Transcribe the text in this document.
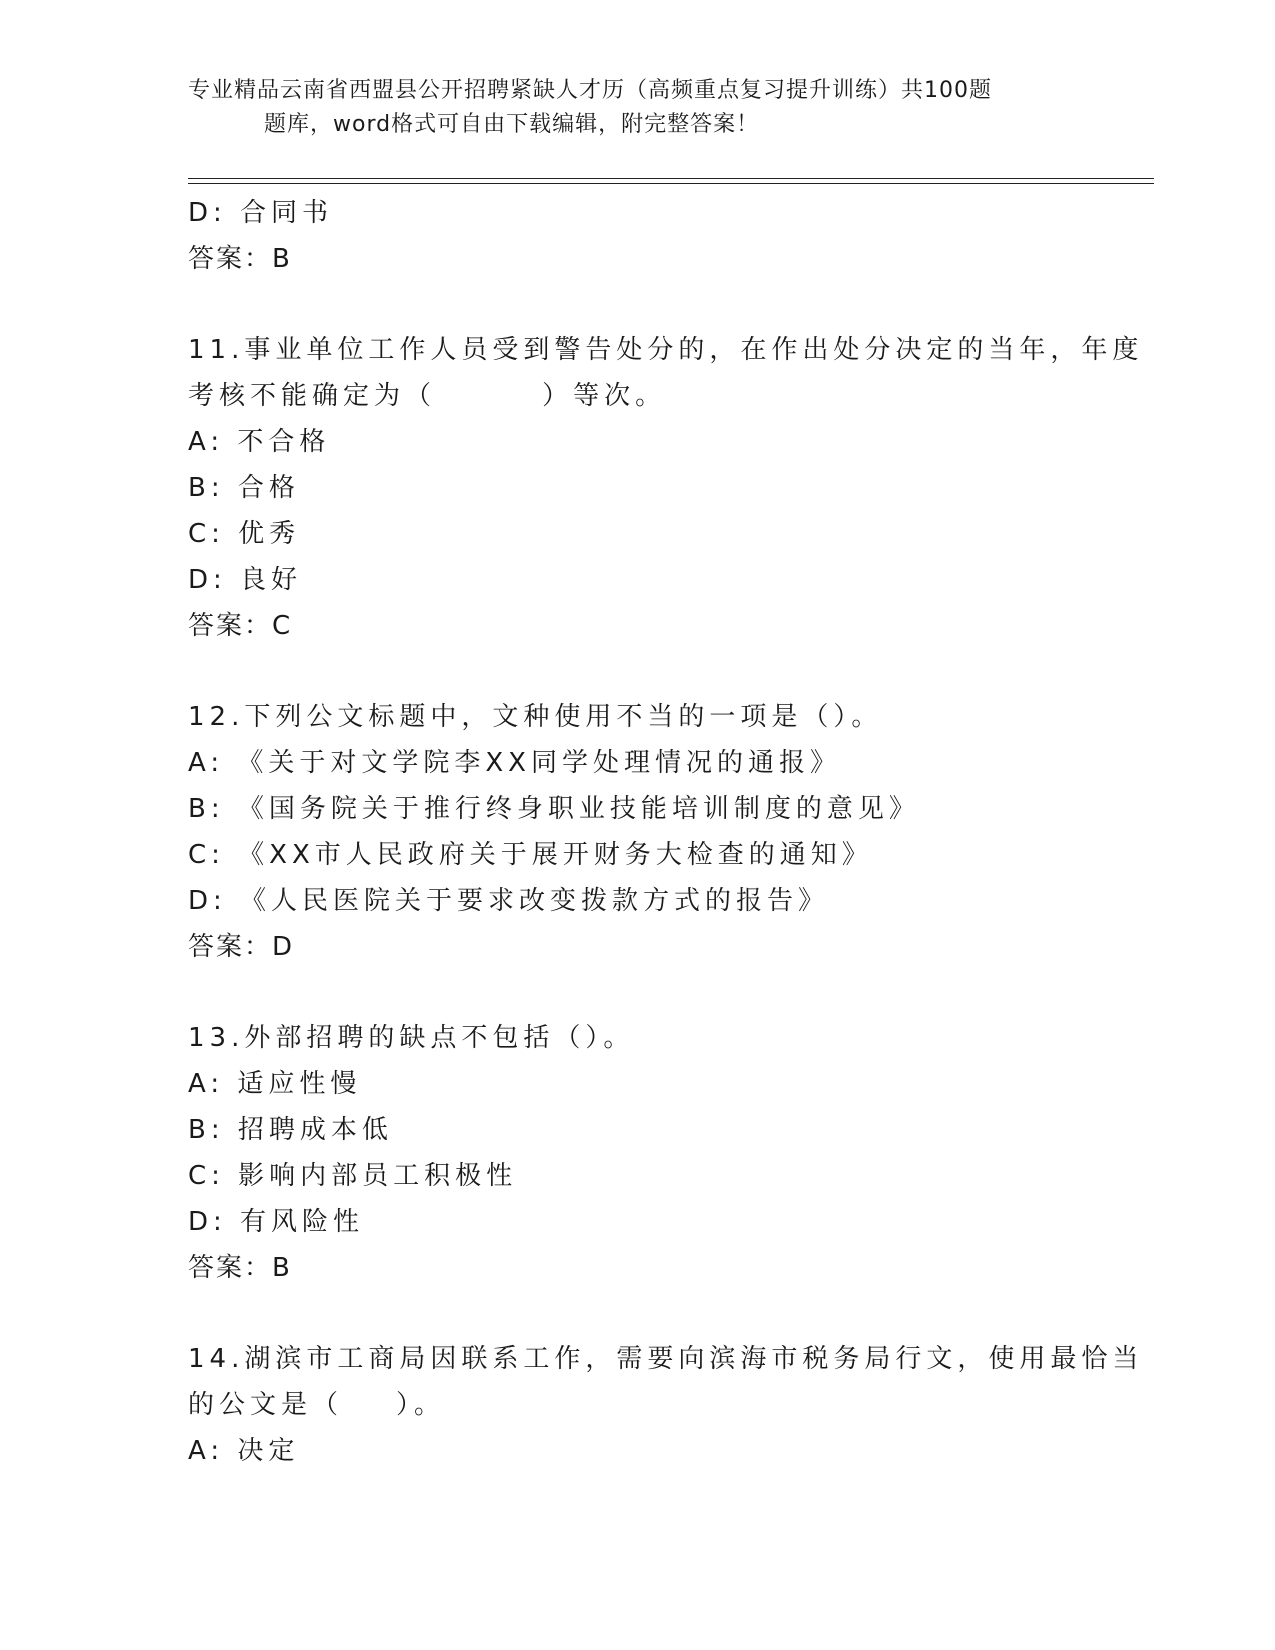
专业精品云南省西盟县公开招聘紧缺人才历（高频重点复习提升训练）共100题
题库，word格式可自由下载编辑，附完整答案！
D: 合同书
答案：B
11.事业单位工作人员受到警告处分的，在作出处分决定的当年，年度
考核不能确定为（        ）等次。
A: 不合格
B: 合格
C: 优秀
D: 良好
答案：C
12.下列公文标题中，文种使用不当的一项是（）。
A: 《关于对文学院李XX同学处理情况的通报》
B: 《国务院关于推行终身职业技能培训制度的意见》
C: 《XX市人民政府关于展开财务大检查的通知》
D: 《人民医院关于要求改变拨款方式的报告》
答案：D
13.外部招聘的缺点不包括（）。
A: 适应性慢
B: 招聘成本低
C: 影响内部员工积极性
D: 有风险性
答案：B
14.湖滨市工商局因联系工作，需要向滨海市税务局行文，使用最恰当
的公文是（    ）。
A: 决定
